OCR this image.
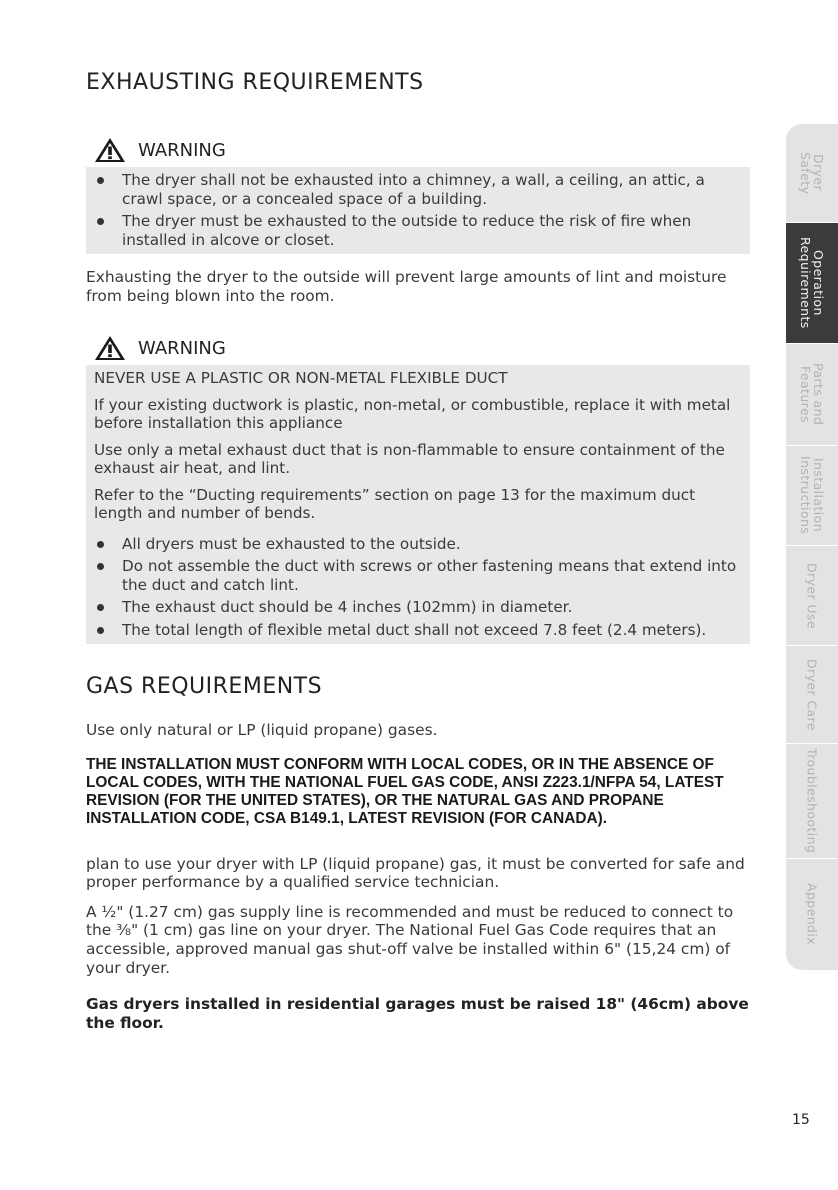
EXHAUSTING REQUIREMENTS
WARNING
The dryer shall not be exhausted into a chimney, a wall, a ceiling, an attic, a crawl space, or a concealed space of a building.
The dryer must be exhausted to the outside to reduce the risk of fire when installed in alcove or closet.

Exhausting the dryer to the outside will prevent large amounts of lint and moisture from being blown into the room.

WARNING

NEVER USE A PLASTIC OR NON-METAL FLEXIBLE DUCT

If your existing ductwork is plastic, non-metal, or combustible, replace it with metal before installation this appliance

Use only a metal exhaust duct that is non-flammable to ensure containment of the exhaust air heat, and lint.

Refer to the “Ducting requirements” section on page 13 for the maximum duct length and number of bends.

All dryers must be exhausted to the outside.
Do not assemble the duct with screws or other fastening means that extend into the duct and catch lint.
The exhaust duct should be 4 inches (102mm) in diameter.
The total length of flexible metal duct shall not exceed 7.8 feet (2.4 meters).
GAS REQUIREMENTS

Use only natural or LP (liquid propane) gases.

THE INSTALLATION MUST CONFORM WITH LOCAL CODES, OR IN THE ABSENCE OF LOCAL CODES, WITH THE NATIONAL FUEL GAS CODE, ANSI Z223.1/NFPA 54, LATEST REVISION (FOR THE UNITED STATES), OR THE NATURAL GAS AND PROPANE INSTALLATION CODE, CSA B149.1, LATEST REVISION (FOR CANADA).

plan to use your dryer with LP (liquid propane) gas, it must be converted for safe and proper performance by a qualified service technician.

A ½" (1.27 cm) gas supply line is recommended and must be reduced to connect to the ⅜" (1 cm) gas line on your dryer. The National Fuel Gas Code requires that an accessible, approved manual gas shut-off valve be installed within 6" (15,24 cm) of your dryer.

Gas dryers installed in residential garages must be raised 18" (46cm) above the floor.

Dryer
Safety
Operation
Requirements
Parts and
Features
Installation
Instructions
Dryer Use
Dryer Care
Troubleshooting
Appendix
15
